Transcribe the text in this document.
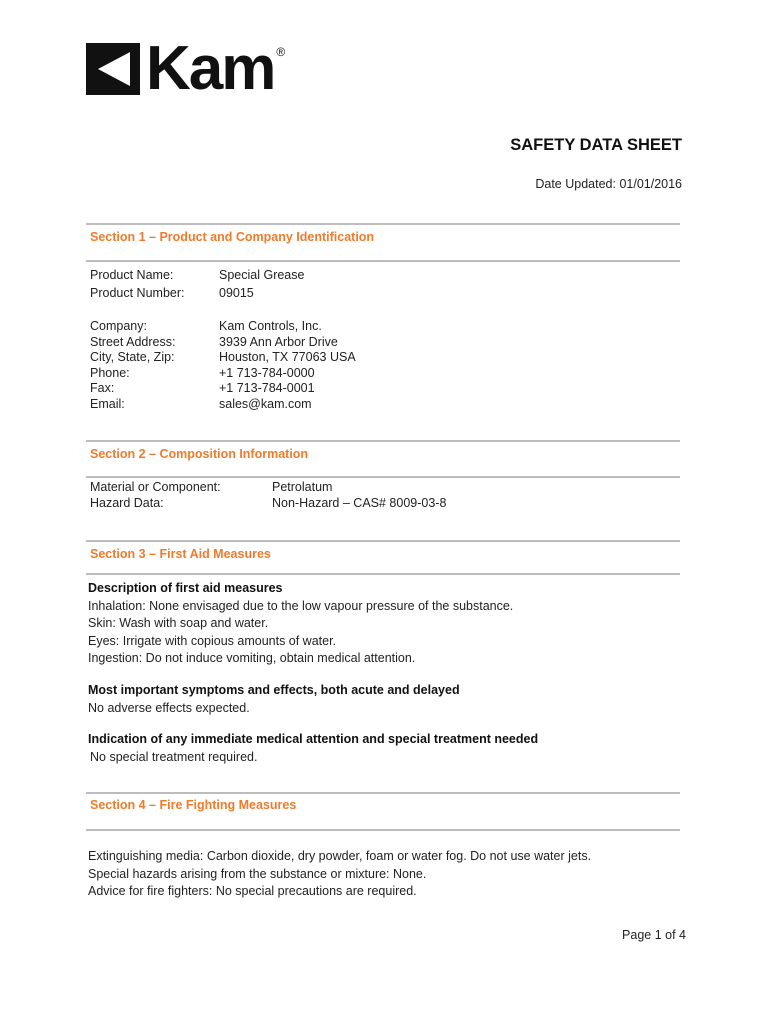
Kam ®
SAFETY DATA SHEET
Date Updated: 01/01/2016
Section 1 – Product and Company Identification
Product Name:
Product Number:
Special Grease
09015
Company:
Street Address:
City, State, Zip:
Phone:
Fax:
Email:
Kam Controls, Inc.
3939 Ann Arbor Drive
Houston, TX 77063 USA
+1 713-784-0000
+1 713-784-0001
sales@kam.com
Section 2 – Composition Information
Material or Component:
Hazard Data:
Petrolatum
Non-Hazard – CAS# 8009-03-8
Section 3 – First Aid Measures
Description of first aid measures
Inhalation: None envisaged due to the low vapour pressure of the substance.
Skin: Wash with soap and water.
Eyes: Irrigate with copious amounts of water.
Ingestion: Do not induce vomiting, obtain medical attention.
Most important symptoms and effects, both acute and delayed
No adverse effects expected.
Indication of any immediate medical attention and special treatment needed
No special treatment required.
Section 4 – Fire Fighting Measures
Extinguishing media: Carbon dioxide, dry powder, foam or water fog. Do not use water jets.
Special hazards arising from the substance or mixture: None.
Advice for fire fighters: No special precautions are required.
Page 1 of 4
